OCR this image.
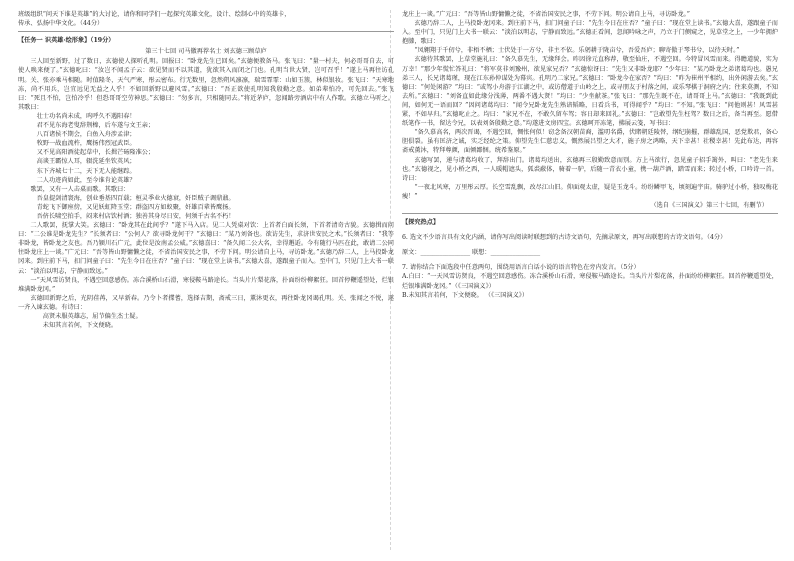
班级组织“问天下谁是英雄”的大讨论，请你和同学们一起探究英雄文化，设计、绘制心中的英雄卡，

传承、弘扬中华文化。（44分）

【任务一 识英雄·绘形象】（19分）

第三十七回 司马徽再荐名士 刘玄德三顾草庐

三人回至新野，过了数日，玄德使人探听孔明。回报曰：“卧龙先生已回矣。”玄德便教备马。张飞曰：“量一村夫，何必哥哥自去，可使人唤来便了。”玄德叱曰：“汝岂不闻孟子云：欲见贤而不以其道，犹欲其入而闭之门也。孔明当世大贤，岂可召乎！”遂上马再往访孔明。关、张亦乘马相随。时值隆冬，天气严寒，彤云密布。行无数里，忽然朔风凛凛，瑞雪霏霏：山如玉簇，林似银妆。张飞曰：“天寒地冻，尚不用兵，岂宜远见无益之人乎！不如回新野以避风雪。”玄德曰：“吾正欲使孔明知我殷勤之意。如弟辈怕冷，可先回去。”张飞曰：“死且不怕，岂怕冷乎！但恐哥哥空劳神思。”玄德曰：“勿多言，只相随同去。”将近茅庐，忽闻路旁酒店中有人作歌。玄德立马听之。其歌曰：

壮士功名尚未成，呜呼久不遇阳春！

君不见东海老叟辞荆榛，后车遂与文王亲；

八百诸侯不期会，白鱼入舟涉孟津；

牧野一战血流杵，鹰扬伟烈冠武臣。

又不见高阳酒徒起草中，长揖芒砀隆准公；

高谈王霸惊人耳，辍洗延坐钦英风；

东下齐城七十二，天下无人能继踪。

二人功迹尚如此，至今谁肯论英雄？

歌罢，又有一人击桌而歌。其歌曰：

吾皇提剑清寰海，创业垂基四百载；桓灵季业火德衰，奸臣贼子调鼎鼐。

青蛇飞下御座傍，又见妖虹降玉堂；群盗四方如蚁聚，奸雄百辈皆鹰扬。

吾侪长啸空拍手，闷来村店饮村酒；独善其身尽日安，何须千古名不朽！

二人歌罢，抚掌大笑。玄德曰：“卧龙其在此间乎？”遂下马入店。见二人凭桌对饮：上首者白面长须，下首者清奇古貌。玄德揖而问曰：“二公谁是卧龙先生？”长须者曰：“公何人？欲寻卧龙何干？”玄德曰：“某乃刘备也。欲访先生，求济世安民之术。”长须者曰：“我等非卧龙，皆卧龙之友也。吾乃颍川石广元，此位是汝南孟公威。”玄德喜曰：“备久闻二公大名，幸得邂逅。今有随行马匹在此，敢请二公同往卧龙庄上一谈。”广元曰：“吾等皆山野慵懒之徒，不省治国安民之事，不劳下问。明公请自上马，寻访卧龙。”玄德乃辞二人，上马投卧龙冈来。到庄前下马，扣门问童子曰：“先生今日在庄否？”童子曰：“现在堂上读书。”玄德大喜，遂跟童子而入。至中门，只见门上大书一联云：“淡泊以明志，宁静而致远。”

一“天风雪访贤良，不遇空回意感伤。冻合溪桥山石滑，寒侵鞍马路途长。当头片片梨花落，扑面纷纷柳絮狂。回首停鞭遥望处，烂银堆满卧龙冈。”

玄德回新野之后，光阴荏苒，又早新春。乃令卜者揲蓍，选择吉期，斋戒三日，薰沐更衣，再往卧龙冈谒孔明。关、张闻之不悦，遂一齐入谏玄德。有诗曰：

高贤未服英雄志，屈节偏生杰士疑。

未知其言若何，下文便晓。

龙庄上一谈。”广元曰：“吾等皆山野慵懒之徒，不省治国安民之事，不劳下问。明公请自上马，寻访卧龙。”

玄德乃辞二人，上马投卧龙冈来。到庄前下马，扣门问童子曰：“先生今日在庄否？”童子曰：“现在堂上读书。”玄德大喜，遂跟童子而入。至中门，只见门上大书一联云：“淡泊以明志，宁静而致远。”玄德正看间，忽闻吟咏之声，乃立于门侧窥之，见草堂之上，一少年拥炉抱膝，歌曰：

“凤翱翔于千仞兮，非梧不栖；士伏处于一方兮，非主不依。乐躬耕于陇亩兮，吾爱吾庐；聊寄傲于琴书兮，以待天时。”

玄德待其歌罢，上草堂施礼曰：“备久慕先生，无缘拜会。昨因徐元直称荐，敬至仙庄，不遇空回。今特冒风雪而来。得瞻道貌，实为万幸！”那少年慌忙答礼曰：“将军莫非刘豫州，欲见家兄否？”玄德惊讶曰：“先生又非卧龙耶？”少年曰：“某乃卧龙之弟诸葛均也。愚兄弟三人，长兄诸葛瑾，现在江东孙仲谋处为幕宾。孔明乃二家兄。”玄德曰：“卧龙今在家否？”均曰：“昨为崔州平相约，出外闲游去矣。”玄德曰：“何处闲游？”均曰：“或驾小舟游于江湖之中，或访僧道于山岭之上，或寻朋友于村落之间，或乐琴棋于洞府之内；往来莫测，不知去所。”玄德曰：“刘备直如此缘分浅薄，两番不遇大贤！”均曰：“少坐献茶。”张飞曰：“那先生既不在，请哥哥上马。”玄德曰：“我既到此间，如何无一语而回？”因问诸葛均曰：“闻令兄卧龙先生熟谙韬略，日看兵书，可得闻乎？”均曰：“不知。”张飞曰：“问他则甚！风雪甚紧，不如早归。”玄德叱止之。均曰：“家兄不在，不敢久留车驾；容日却来回礼。”玄德曰：“岂敢望先生枉驾？数日之后，备当再至。愿借纸笔作一书，留达令兄，以表刘备殷勤之意。”均遂进文房四宝。玄德呵开冻笔，拂展云笺，写书曰：

“备久慕高名，两次晋谒，不遇空回，惆怅何似！窃念备汉朝苗裔，滥叨名爵，伏睹朝廷陵替，纲纪崩摧，群雄乱国，恶党欺君，备心胆俱裂。虽有匡济之诚，实乏经纶之策。仰望先生仁慈忠义，慨然展吕望之大才，施子房之鸿略，天下幸甚！社稷幸甚！先此布达，再容斋戒薰沐，特拜尊颜，面倾鄙悃。统希鉴原。”

玄德写罢，递与诸葛均收了，拜辞出门。诸葛均送出，玄德再三殷勤致意而别。方上马欲行，忽见童子招手篱外，叫曰：“老先生来也。”玄德视之，见小桥之西，一人暖帽遮头，狐裘蔽体，骑着一驴，后随一青衣小童，携一葫芦酒，踏雪而来；转过小桥，口吟诗一首。诗曰：

“一夜北风寒，万里彤云厚。长空雪乱飘，改尽江山旧。仰面观太虚，疑是玉龙斗。纷纷鳞甲飞，顷刻遍宇宙。骑驴过小桥，独叹梅花瘦！”

（选自《三国演义》第三十七回，有删节）

【探究热点】

6. 选文不少语言具有文化内涵，请你写出阅读时联想到的古诗文语句，先摘录原文，再写出联想的古诗文语句。（4分）

原文：________________ 联想：________________

7. 请你结合下面选段中任意两句，围绕用语言白话小说的语言特色在旁内发言。（5分）

A.白曰：“一天风雪访贤良，不遇空回意感伤。冻合溪桥山石滑，寒侵鞍马路途长。当头片片梨花落，扑面纷纷柳絮狂。回首停鞭遥望处，烂银堆满卧龙冈。”（《三国演义》）

B.未知其言若何，下文便晓。 （《三国演义》）
